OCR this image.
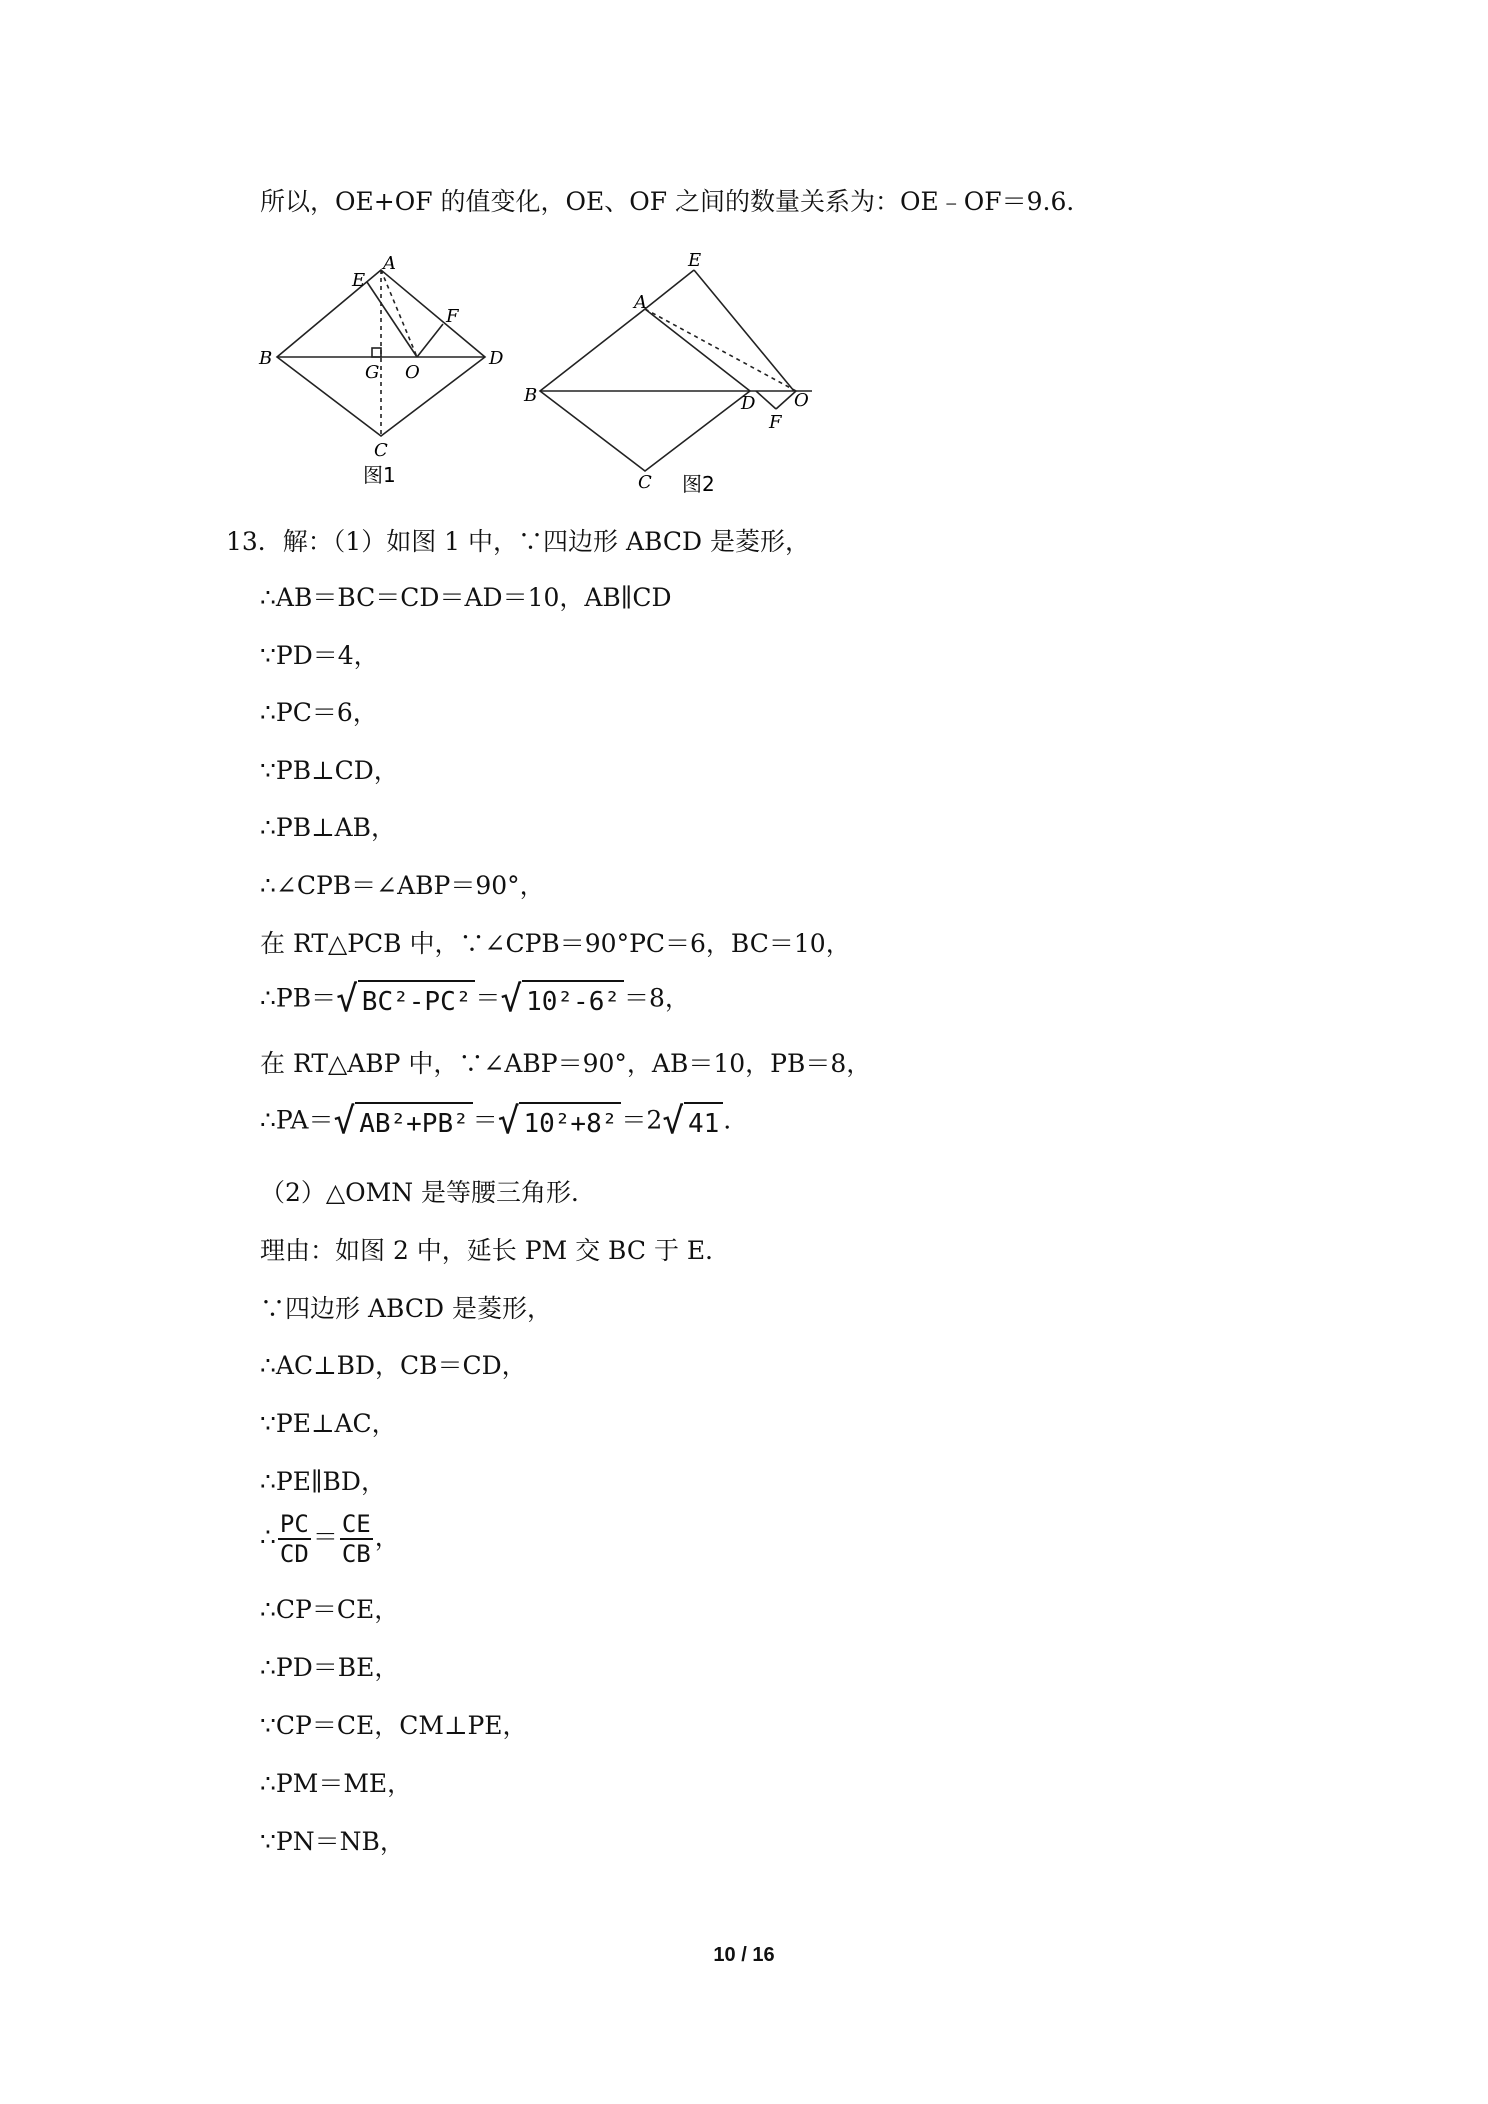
所以，OE+OF 的值变化，OE、OF 之间的数量关系为：OE﹣OF＝9.6．
A
E
F
B
G O
D
C
图1
A
E
B	D O
F
C 图2
13．解：（1）如图 1 中，∵四边形 ABCD 是菱形，
∴AB＝BC＝CD＝AD＝10，AB∥CD
∵PD＝4，
∴PC＝6，
∵PB⊥CD，
∴PB⊥AB，
∴∠CPB＝∠ABP＝90°，
在 RT△PCB 中，∵∠CPB＝90°PC＝6，BC＝10，
∴PB＝ √ BC²-PC² ＝ √ 10²-6² ＝8，
在 RT△ABP 中，∵∠ABP＝90°，AB＝10，PB＝8，
∴PA＝ √ AB²+PB² ＝ √ 10²+8² ＝2 √ 41 .
（2）△OMN 是等腰三角形．
理由：如图 2 中，延长 PM 交 BC 于 E．
∵四边形 ABCD 是菱形，
∴AC⊥BD，CB＝CD，
∵PE⊥AC，
∴PE∥BD，
∴ $\frac{PC}{CD} = \frac{CE}{CB}$ ，
∴CP＝CE，
∴PD＝BE，
∵CP＝CE，CM⊥PE，
∴PM＝ME，
∵PN＝NB，
10 / 16
